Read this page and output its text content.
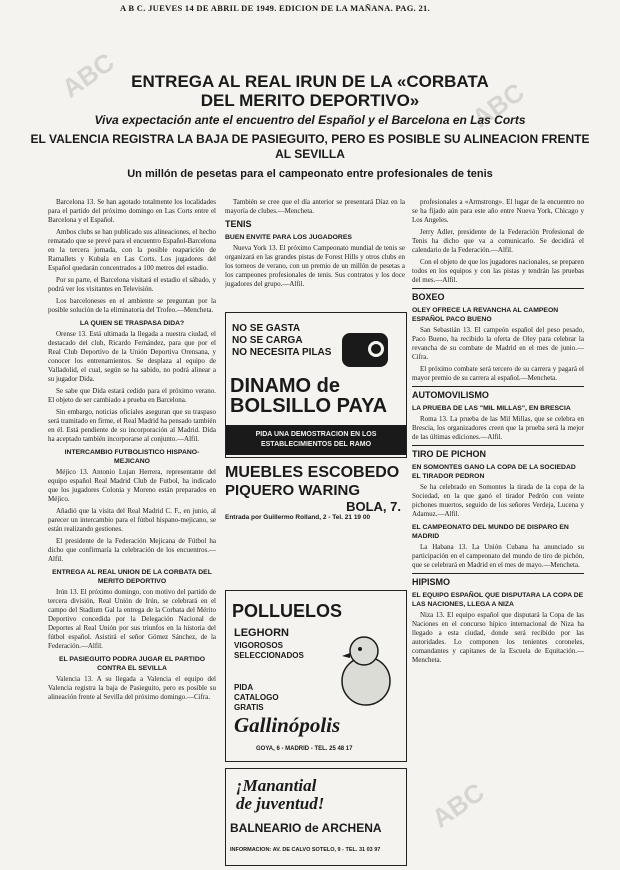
A B C. JUEVES 14 DE ABRIL DE 1949. EDICION DE LA MAÑANA. PAG. 21.
ABC
ABC
ABC
ENTREGA AL REAL IRUN DE LA «CORBATA
DEL MERITO DEPORTIVO»
Viva expectación ante el encuentro del Español y el Barcelona en Las Corts
EL VALENCIA REGISTRA LA BAJA DE PASIEGUITO, PERO ES POSIBLE SU ALINEACION FRENTE AL SEVILLA
Un millón de pesetas para el campeonato entre profesionales de tenis

Barcelona 13. Se han agotado totalmente los localidades para el partido del próximo domingo en Las Corts entre el Barcelona y el Español.

Ambos clubs se han publicado sus alineaciones, el hecho rematado que se prevé para el encuentro Español-Barcelona en la tercera jornada, con la posible reaparición de Ramallets y Kubala en Las Corts. Los jugadores del Español quedarán concentrados a 100 metros del estadio.

Por su parte, el Barcelona visitará el estadio el sábado, y podrá ver los visitantes en Televisión.

Los barceloneses en el ambiente se preguntan por la posible solución de la eliminatoria del Trofeo.—Mencheta.

LA QUIEN SE TRASPASA DIDA?

Orense 13. Está ultimada la llegada a nuestra ciudad, el destacado del club, Ricardo Fernández, para que por el Real Club Deportivo de la Unión Deportiva Orensana, y conocer los entrenamientos. Se desplaza al equipo de Valladolid, el cual, según se ha sabido, no podrá alinear a su jugador Dida.

Se sabe que Dida estará cedido para el próximo verano. El objeto de ser cambiado a prueba en Barcelona.

Sin embargo, noticias oficiales aseguran que su traspaso será tramitado en firme, el Real Madrid ha pensado también en él. Está pendiente de su incorporación al Madrid. Dida ha aceptado también incorporarse al conjunto.—Alfil.

INTERCAMBIO FUTBOLISTICO HISPANO-MEJICANO

Méjico 13. Antonio Lujan Herrera, representante del equipo español Real Madrid Club de Futbol, ha indicado que los jugadores Colonia y Moreno están preparados en Méjico.

Añadió que la visita del Real Madrid C. F., en junio, al parecer un intercambio para el fútbol hispano-mejicano, se están realizando gestiones.

El presidente de la Federación Mejicana de Fútbol ha dicho que confirmaría la celebración de los encuentros.—Alfil.

ENTREGA AL REAL UNION DE LA CORBATA DEL MERITO DEPORTIVO

Irún 13. El próximo domingo, con motivo del partido de tercera división, Real Unión de Irún, se celebrará en el campo del Stadium Gal la entrega de la Corbata del Mérito Deportivo concedida por la Delegación Nacional de Deportes al Real Unión por sus triunfos en la historia del fútbol español. Asistirá el señor Gómez Sánchez, de la Federación.—Alfil.

EL PASIEGUITO PODRA JUGAR EL PARTIDO CONTRA EL SEVILLA

Valencia 13. A su llegada a Valencia el equipo del Valencia registra la baja de Pasieguito, pero es posible su alineación frente al Sevilla del próximo domingo.—Cifra.

También se cree que el día anterior se presentará Díaz en la mayoría de clubes.—Mencheta.

TENIS
BUEN ENVITE PARA LOS JUGADORES

Nueva York 13. El próximo Campeonato mundial de tenis se organizará en las grandes pistas de Forest Hills y otros clubs en los torneos de verano, con un premio de un millón de pesetas a los campeones profesionales de tenis. Sus contratos y los doce jugadores del grupo.—Alfil.

NO SE GASTA
NO SE CARGA
NO NECESITA PILAS
DINAMO de
BOLSILLO PAYA
PIDA UNA DEMOSTRACION EN LOS ESTABLECIMIENTOS DEL RAMO
MUEBLES ESCOBEDO
PIQUERO WARING
BOLA, 7.
Entrada por Guillermo Rolland, 2 - Tel. 21 19 00
POLLUELOS
LEGHORN
VIGOROSOS
SELECCIONADOS
PIDA
CATALOGO
GRATIS
Gallinópolis
GOYA, 6 - MADRID - TEL. 25 48 17
¡Manantial
de juventud!
BALNEARIO de ARCHENA
INFORMACION: AV. DE CALVO SOTELO, 9 - TEL. 31 03 97

profesionales a «Armstrong». El lugar de la encuentro no se ha fijado aún para este año entre Nueva York, Chicago y Los Angeles.

Jerry Adler, presidente de la Federación Profesional de Tenis ha dicho que va a comunicarlo. Se decidirá el calendario de la Federación.—Alfil.

Con el objeto de que los jugadores nacionales, se preparen todos en los equipos y con las pistas y tendrán las pruebas del mes.—Alfil.

BOXEO
OLEY OFRECE LA REVANCHA AL CAMPEON ESPAÑOL PACO BUENO

San Sebastián 13. El campeón español del peso pesado, Paco Bueno, ha recibido la oferta de Oley para celebrar la revancha de su combate de Madrid en el mes de junio.—Cifra.

El próximo combate será tercero de su carrera y pagará el mayor premio de su carrera al español.—Mencheta.

AUTOMOVILISMO
LA PRUEBA DE LAS "MIL MILLAS", EN BRESCIA

Roma 13. La prueba de las Mil Millas, que se celebra en Brescia, los organizadores creen que la prueba será la mejor de las últimas ediciones.—Alfil.

TIRO DE PICHON
EN SOMONTES GANO LA COPA DE LA SOCIEDAD EL TIRADOR PEDRON

Se ha celebrado en Somontes la tirada de la copa de la Sociedad, en la que ganó el tirador Pedrón con veinte pichones muertos, seguido de los señores Verdeja, Lucena y Adamuz.—Alfil.

EL CAMPEONATO DEL MUNDO DE DISPARO EN MADRID

La Habana 13. La Unión Cubana ha anunciado su participación en el campeonato del mundo de tiro de pichón, que se celebrará en Madrid en el mes de mayo.—Mencheta.

HIPISMO
EL EQUIPO ESPAÑOL QUE DISPUTARA LA COPA DE LAS NACIONES, LLEGA A NIZA

Niza 13. El equipo español que disputará la Copa de las Naciones en el concurso hípico internacional de Niza ha llegado a esta ciudad, donde será recibido por las autoridades. Lo componen los tenientes coroneles, comandantes y capitanes de la Escuela de Equitación.—Mencheta.
